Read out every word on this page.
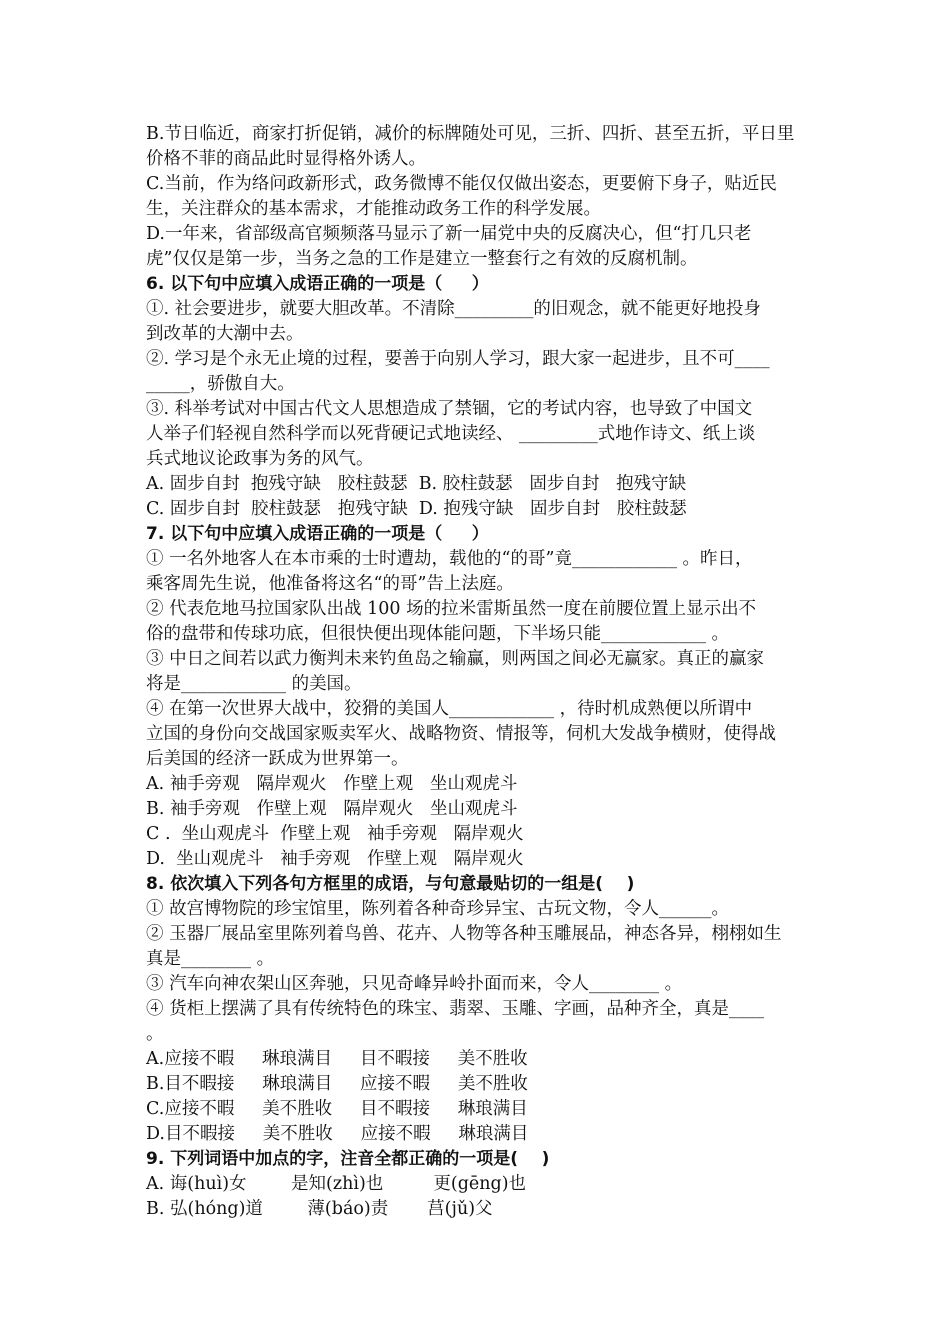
B.节日临近，商家打折促销，减价的标牌随处可见，三折、四折、甚至五折，平日里
价格不菲的商品此时显得格外诱人。
C.当前，作为络问政新形式，政务微博不能仅仅做出姿态，更要俯下身子，贴近民
生，关注群众的基本需求，才能推动政务工作的科学发展。
D.一年来，省部级高官频频落马显示了新一届党中央的反腐决心，但“打几只老
虎”仅仅是第一步，当务之急的工作是建立一整套行之有效的反腐机制。
6. 以下句中应填入成语正确的一项是（     ）
①. 社会要进步，就要大胆改革。不清除_________的旧观念，就不能更好地投身
到改革的大潮中去。
②. 学习是个永无止境的过程，要善于向别人学习，跟大家一起进步，且不可____
_____，骄傲自大。
③. 科举考试对中国古代文人思想造成了禁锢，它的考试内容，也导致了中国文
人举子们轻视自然科学而以死背硬记式地读经、 _________式地作诗文、纸上谈
兵式地议论政事为务的风气。
A. 固步自封  抱残守缺   胶柱鼓瑟  B. 胶柱鼓瑟   固步自封   抱残守缺
C. 固步自封  胶柱鼓瑟   抱残守缺  D. 抱残守缺   固步自封   胶柱鼓瑟
7. 以下句中应填入成语正确的一项是（     ）
① 一名外地客人在本市乘的士时遭劫，载他的“的哥”竟____________ 。昨日，
乘客周先生说，他准备将这名“的哥”告上法庭。
② 代表危地马拉国家队出战 100 场的拉米雷斯虽然一度在前腰位置上显示出不
俗的盘带和传球功底，但很快便出现体能问题，下半场只能____________ 。
③ 中日之间若以武力衡判未来钓鱼岛之输赢，则两国之间必无赢家。真正的赢家
将是____________ 的美国。
④ 在第一次世界大战中，狡猾的美国人____________ ，待时机成熟便以所谓中
立国的身份向交战国家贩卖军火、战略物资、情报等，伺机大发战争横财，使得战
后美国的经济一跃成为世界第一。
A. 袖手旁观   隔岸观火   作壁上观   坐山观虎斗
B. 袖手旁观   作壁上观   隔岸观火   坐山观虎斗
C .  坐山观虎斗  作壁上观   袖手旁观   隔岸观火
D.  坐山观虎斗   袖手旁观   作壁上观   隔岸观火
8. 依次填入下列各句方框里的成语，与句意最贴切的一组是(    )
① 故宫博物院的珍宝馆里，陈列着各种奇珍异宝、古玩文物，令人______。
② 玉器厂展品室里陈列着鸟兽、花卉、人物等各种玉雕展品，神态各异，栩栩如生
真是________ 。
③ 汽车向神农架山区奔驰，只见奇峰异岭扑面而来，令人________ 。
④ 货柜上摆满了具有传统特色的珠宝、翡翠、玉雕、字画，品种齐全，真是____
。
A.应接不暇     琳琅满目     目不暇接     美不胜收
B.目不暇接     琳琅满目     应接不暇     美不胜收
C.应接不暇     美不胜收     目不暇接     琳琅满目
D.目不暇接     美不胜收     应接不暇     琳琅满目
9. 下列词语中加点的字，注音全都正确的一项是(    )
A. 诲(huì)女        是知(zhì)也         更(gēng)也
B. 弘(hóng)道        薄(báo)责       莒(jǔ)父
